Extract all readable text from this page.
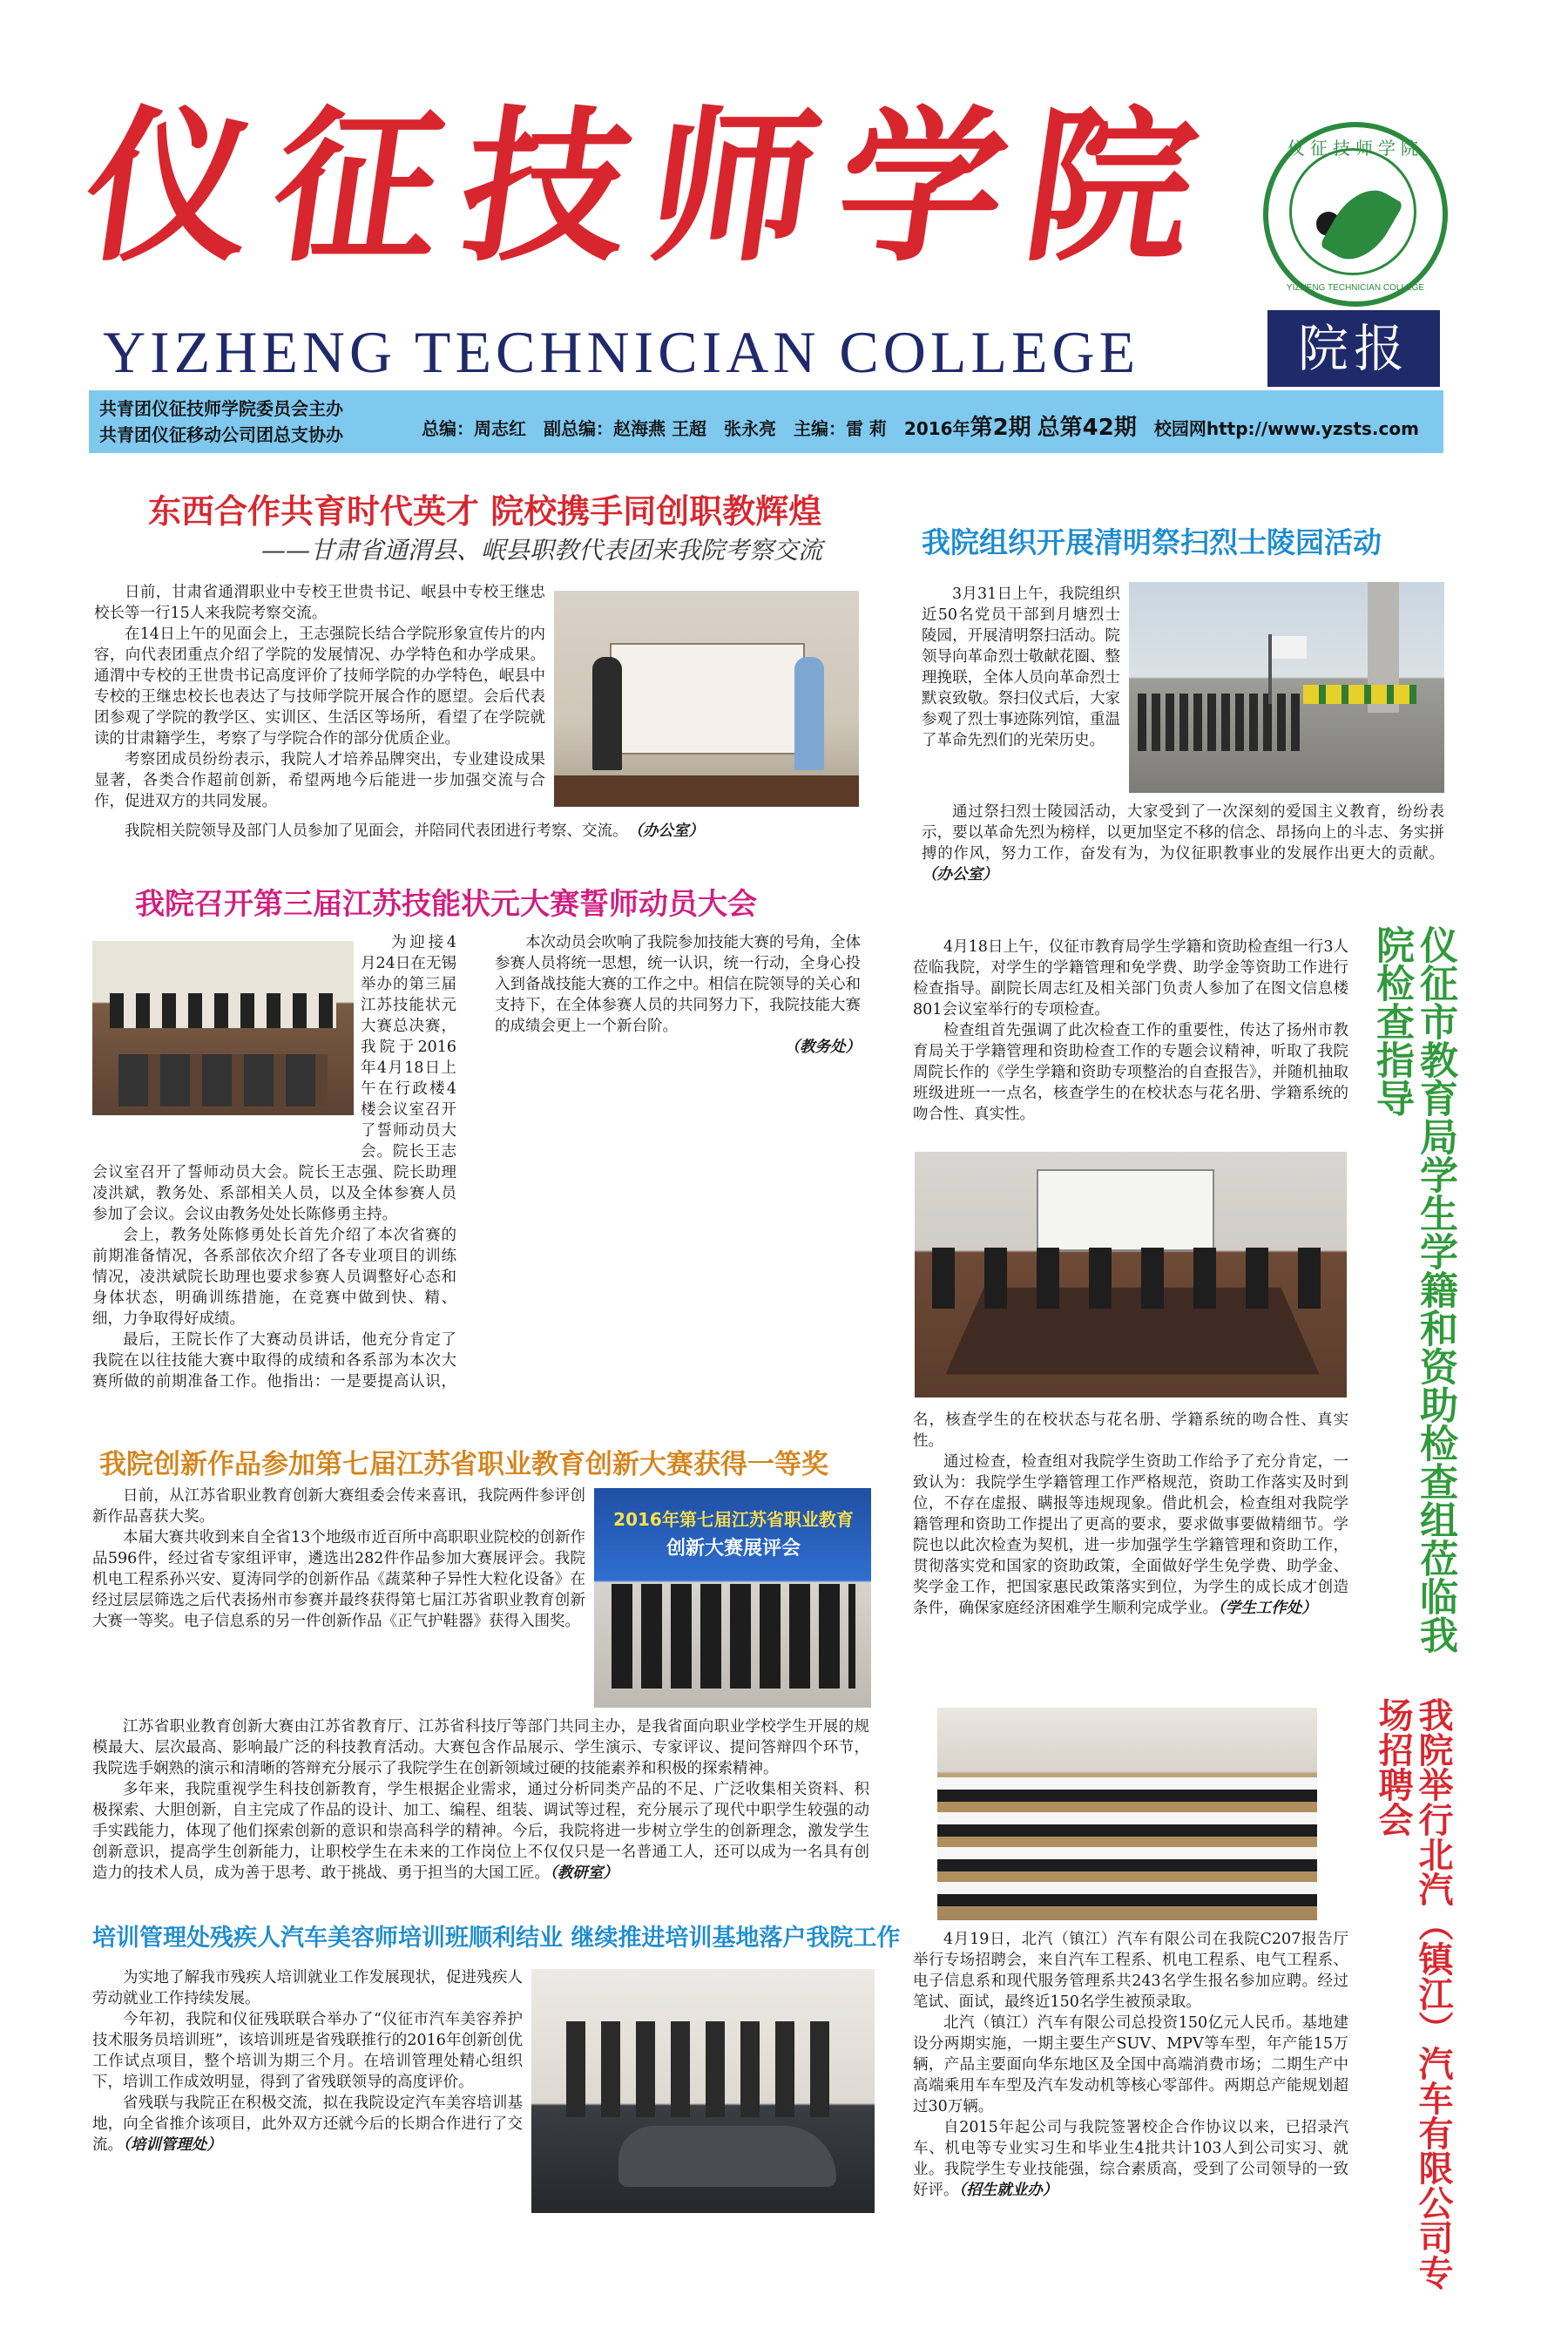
仪征技师学院
YIZHENG TECHNICIAN COLLEGE
仪征技师学院
YIZHENG TECHNICIAN COLLEGE
院报
共青团仪征技师学院委员会主办
共青团仪征移动公司团总支协办	总编：周志红　副总编：赵海燕 王超　张永亮　主编：雷 莉　2016年第2期 总第42期　 校园网http://www.yzsts.com
东西合作共育时代英才 院校携手同创职教辉煌
——甘肃省通渭县、岷县职教代表团来我院考察交流

日前，甘肃省通渭职业中专校王世贵书记、岷县中专校王继忠校长等一行15人来我院考察交流。

在14日上午的见面会上，王志强院长结合学院形象宣传片的内容，向代表团重点介绍了学院的发展情况、办学特色和办学成果。通渭中专校的王世贵书记高度评价了技师学院的办学特色，岷县中专校的王继忠校长也表达了与技师学院开展合作的愿望。会后代表团参观了学院的教学区、实训区、生活区等场所，看望了在学院就读的甘肃籍学生，考察了与学院合作的部分优质企业。

考察团成员纷纷表示，我院人才培养品牌突出，专业建设成果显著，各类合作超前创新，希望两地今后能进一步加强交流与合作，促进双方的共同发展。

我院相关院领导及部门人员参加了见面会，并陪同代表团进行考察、交流。　 （办公室）

我院组织开展清明祭扫烈士陵园活动

3月31日上午，我院组织近50名党员干部到月塘烈士陵园，开展清明祭扫活动。院领导向革命烈士敬献花圈、整理挽联，全体人员向革命烈士默哀致敬。祭扫仪式后，大家参观了烈士事迹陈列馆，重温了革命先烈们的光荣历史。

通过祭扫烈士陵园活动，大家受到了一次深刻的爱国主义教育，纷纷表示，要以革命先烈为榜样，以更加坚定不移的信念、昂扬向上的斗志、务实拼搏的作风，努力工作，奋发有为，为仪征职教事业的发展作出更大的贡献。（办公室）

我院召开第三届江苏技能状元大赛誓师动员大会

为迎接4月24日在无锡举办的第三届江苏技能状元大赛总决赛，我院于2016年4月18日上午在行政楼4楼会议室召开了誓师动员大会。院长王志

会议室召开了誓师动员大会。院长王志强、院长助理凌洪斌，教务处、系部相关人员，以及全体参赛人员参加了会议。会议由教务处处长陈修勇主持。

会上，教务处陈修勇处长首先介绍了本次省赛的前期准备情况，各系部依次介绍了各专业项目的训练情况，凌洪斌院长助理也要求参赛人员调整好心态和身体状态，明确训练措施，在竞赛中做到快、精、细，力争取得好成绩。

最后，王院长作了大赛动员讲话，他充分肯定了我院在以往技能大赛中取得的成绩和各系部为本次大赛所做的前期准备工作。他指出：一是要提高认识，

本次动员会吹响了我院参加技能大赛的号角，全体参赛人员将统一思想，统一认识，统一行动，全身心投入到备战技能大赛的工作之中。相信在院领导的关心和支持下，在全体参赛人员的共同努力下，我院技能大赛的成绩会更上一个新台阶。

（教务处）

我院创新作品参加第七届江苏省职业教育创新大赛获得一等奖
2016年第七届江苏省职业教育
创新大赛展评会

日前，从江苏省职业教育创新大赛组委会传来喜讯，我院两件参评创新作品喜获大奖。

本届大赛共收到来自全省13个地级市近百所中高职职业院校的创新作品596件，经过省专家组评审，遴选出282件作品参加大赛展评会。我院机电工程系孙兴安、夏涛同学的创新作品《蔬菜种子异性大粒化设备》在经过层层筛选之后代表扬州市参赛并最终获得第七届江苏省职业教育创新大赛一等奖。电子信息系的另一件创新作品《正气护鞋器》获得入围奖。

江苏省职业教育创新大赛由江苏省教育厅、江苏省科技厅等部门共同主办，是我省面向职业学校学生开展的规模最大、层次最高、影响最广泛的科技教育活动。大赛包含作品展示、学生演示、专家评议、提问答辩四个环节，我院选手娴熟的演示和清晰的答辩充分展示了我院学生在创新领域过硬的技能素养和积极的探索精神。

多年来，我院重视学生科技创新教育，学生根据企业需求，通过分析同类产品的不足、广泛收集相关资料、积极探索、大胆创新，自主完成了作品的设计、加工、编程、组装、调试等过程，充分展示了现代中职学生较强的动手实践能力，体现了他们探索创新的意识和崇高科学的精神。今后，我院将进一步树立学生的创新理念，激发学生创新意识，提高学生创新能力，让职校学生在未来的工作岗位上不仅仅只是一名普通工人，还可以成为一名具有创造力的技术人员，成为善于思考、敢于挑战、勇于担当的大国工匠。（教研室）

培训管理处残疾人汽车美容师培训班顺利结业 继续推进培训基地落户我院工作

为实地了解我市残疾人培训就业工作发展现状，促进残疾人劳动就业工作持续发展。

今年初，我院和仪征残联联合举办了“仪征市汽车美容养护技术服务员培训班”，该培训班是省残联推行的2016年创新创优工作试点项目，整个培训为期三个月。在培训管理处精心组织下，培训工作成效明显，得到了省残联领导的高度评价。

省残联与我院正在积极交流，拟在我院设定汽车美容培训基地，向全省推介该项目，此外双方还就今后的长期合作进行了交流。（培训管理处）

仪征市教育局学生学籍和资助检查组莅临我院检查指导

4月18日上午，仪征市教育局学生学籍和资助检查组一行3人莅临我院，对学生的学籍管理和免学费、助学金等资助工作进行检查指导。副院长周志红及相关部门负责人参加了在图文信息楼801会议室举行的专项检查。

检查组首先强调了此次检查工作的重要性，传达了扬州市教育局关于学籍管理和资助检查工作的专题会议精神，听取了我院周院长作的《学生学籍和资助专项整治的自查报告》，并随机抽取班级进班一一点名，核查学生的在校状态与花名册、学籍系统的吻合性、真实性。

名，核查学生的在校状态与花名册、学籍系统的吻合性、真实性。

通过检查，检查组对我院学生资助工作给予了充分肯定，一致认为：我院学生学籍管理工作严格规范，资助工作落实及时到位，不存在虚报、瞒报等违规现象。借此机会，检查组对我院学籍管理和资助工作提出了更高的要求，要求做事要做精细节。学院也以此次检查为契机，进一步加强学生学籍管理和资助工作，贯彻落实党和国家的资助政策，全面做好学生免学费、助学金、奖学金工作，把国家惠民政策落实到位，为学生的成长成才创造条件，确保家庭经济困难学生顺利完成学业。（学生工作处）

我院举行北汽（镇江）汽车有限公司专场招聘会

4月19日，北汽（镇江）汽车有限公司在我院C207报告厅举行专场招聘会，来自汽车工程系、机电工程系、电气工程系、电子信息系和现代服务管理系共243名学生报名参加应聘。经过笔试、面试，最终近150名学生被预录取。

北汽（镇江）汽车有限公司总投资150亿元人民币。基地建设分两期实施，一期主要生产SUV、MPV等车型，年产能15万辆，产品主要面向华东地区及全国中高端消费市场；二期生产中高端乘用车车型及汽车发动机等核心零部件。两期总产能规划超过30万辆。

自2015年起公司与我院签署校企合作协议以来，已招录汽车、机电等专业实习生和毕业生4批共计103人到公司实习、就业。我院学生专业技能强，综合素质高，受到了公司领导的一致好评。（招生就业办）
